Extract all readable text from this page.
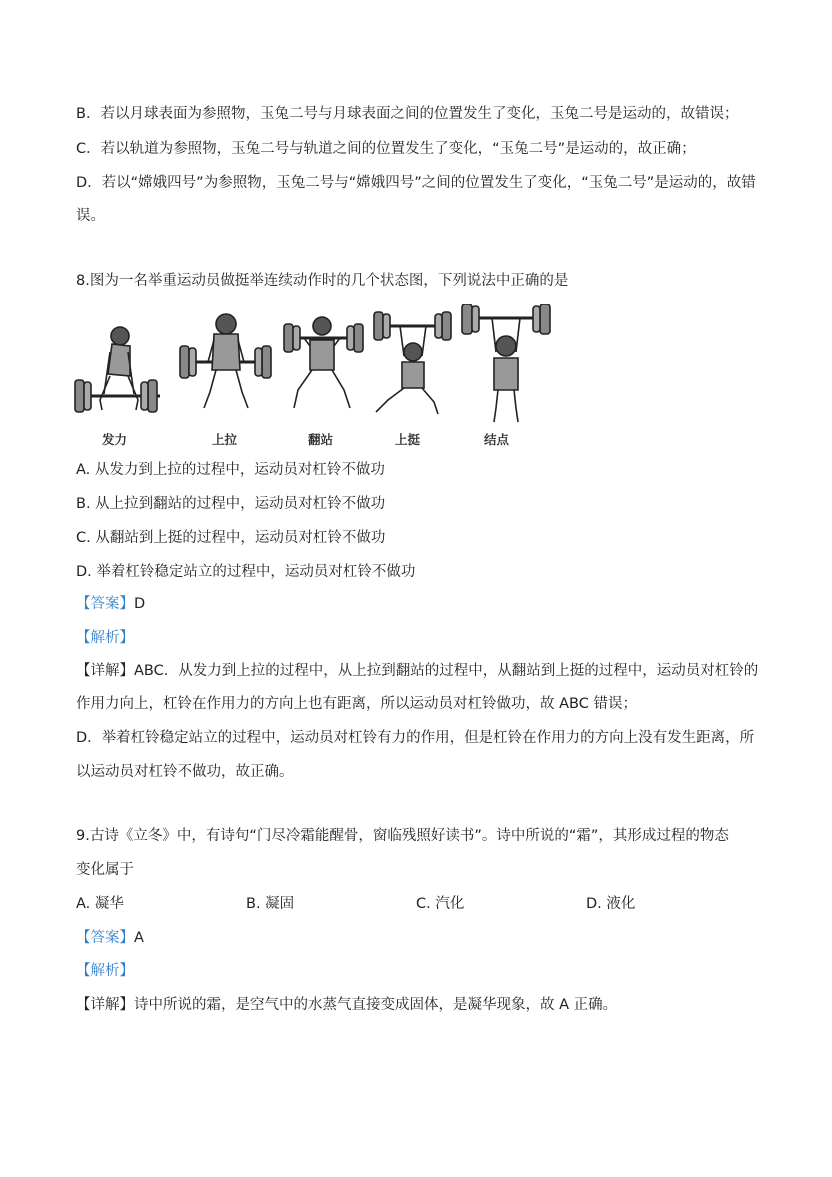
B．若以月球表面为参照物，玉兔二号与月球表面之间的位置发生了变化，玉兔二号是运动的，故错误；
C．若以轨道为参照物，玉兔二号与轨道之间的位置发生了变化，“玉兔二号”是运动的，故正确；
D．若以“嫦娥四号”为参照物，玉兔二号与“嫦娥四号”之间的位置发生了变化，“玉兔二号”是运动的，故错
误。
8.图为一名举重运动员做挺举连续动作时的几个状态图，下列说法中正确的是
发力	上拉	翻站	上挺	结点
A. 从发力到上拉的过程中，运动员对杠铃不做功
B. 从上拉到翻站的过程中，运动员对杠铃不做功
C. 从翻站到上挺的过程中，运动员对杠铃不做功
D. 举着杠铃稳定站立的过程中，运动员对杠铃不做功
【答案】D
【解析】
【详解】ABC．从发力到上拉的过程中，从上拉到翻站的过程中，从翻站到上挺的过程中，运动员对杠铃的
作用力向上，杠铃在作用力的方向上也有距离，所以运动员对杠铃做功，故 ABC 错误；
D．举着杠铃稳定站立的过程中，运动员对杠铃有力的作用，但是杠铃在作用力的方向上没有发生距离，所
以运动员对杠铃不做功，故正确。
9.古诗《立冬》中，有诗句“门尽冷霜能醒骨，窗临残照好读书”。诗中所说的“霜”，其形成过程的物态
变化属于
A. 凝华	B. 凝固	C. 汽化	D. 液化
【答案】A
【解析】
【详解】诗中所说的霜，是空气中的水蒸气直接变成固体，是凝华现象，故 A 正确。
